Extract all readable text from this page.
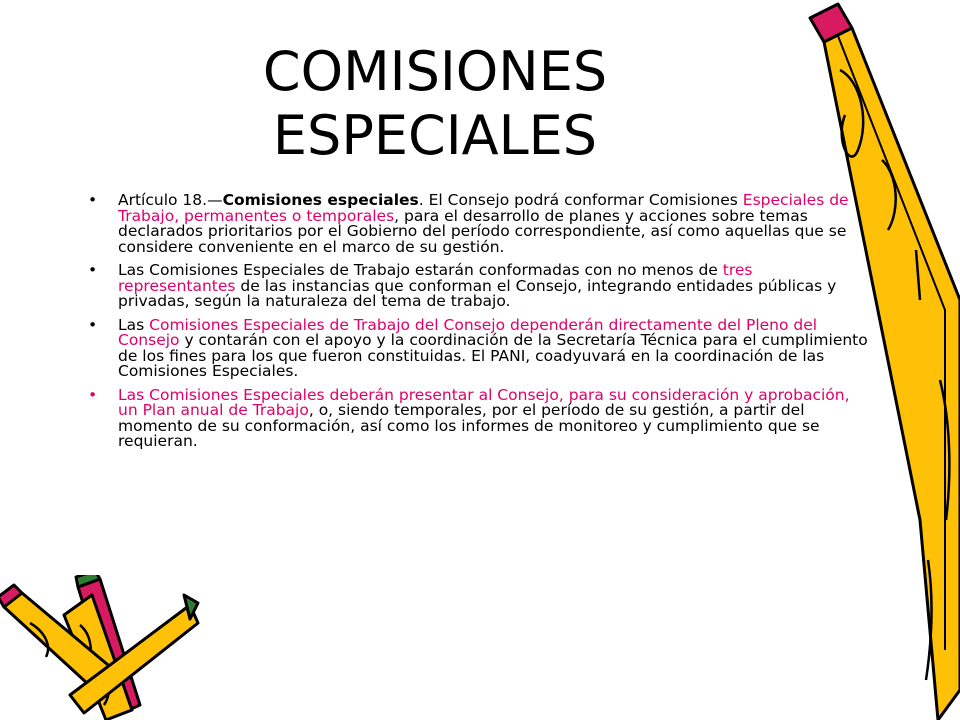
COMISIONES
ESPECIALES
• Artículo 18.—Comisiones especiales. El Consejo podrá conformar Comisiones Especiales de Trabajo, permanentes o temporales, para el desarrollo de planes y acciones sobre temas declarados prioritarios por el Gobierno del período correspondiente, así como aquellas que se considere conveniente en el marco de su gestión.
• Las Comisiones Especiales de Trabajo estarán conformadas con no menos de tres representantes de las instancias que conforman el Consejo, integrando entidades públicas y privadas, según la naturaleza del tema de trabajo.
• Las Comisiones Especiales de Trabajo del Consejo dependerán directamente del Pleno del Consejo y contarán con el apoyo y la coordinación de la Secretaría Técnica para el cumplimiento de los fines para los que fueron constituidas. El PANI, coadyuvará en la coordinación de las Comisiones Especiales.
• Las Comisiones Especiales deberán presentar al Consejo, para su consideración y aprobación, un Plan anual de Trabajo, o, siendo temporales, por el período de su gestión, a partir del momento de su conformación, así como los informes de monitoreo y cumplimiento que se requieran.
